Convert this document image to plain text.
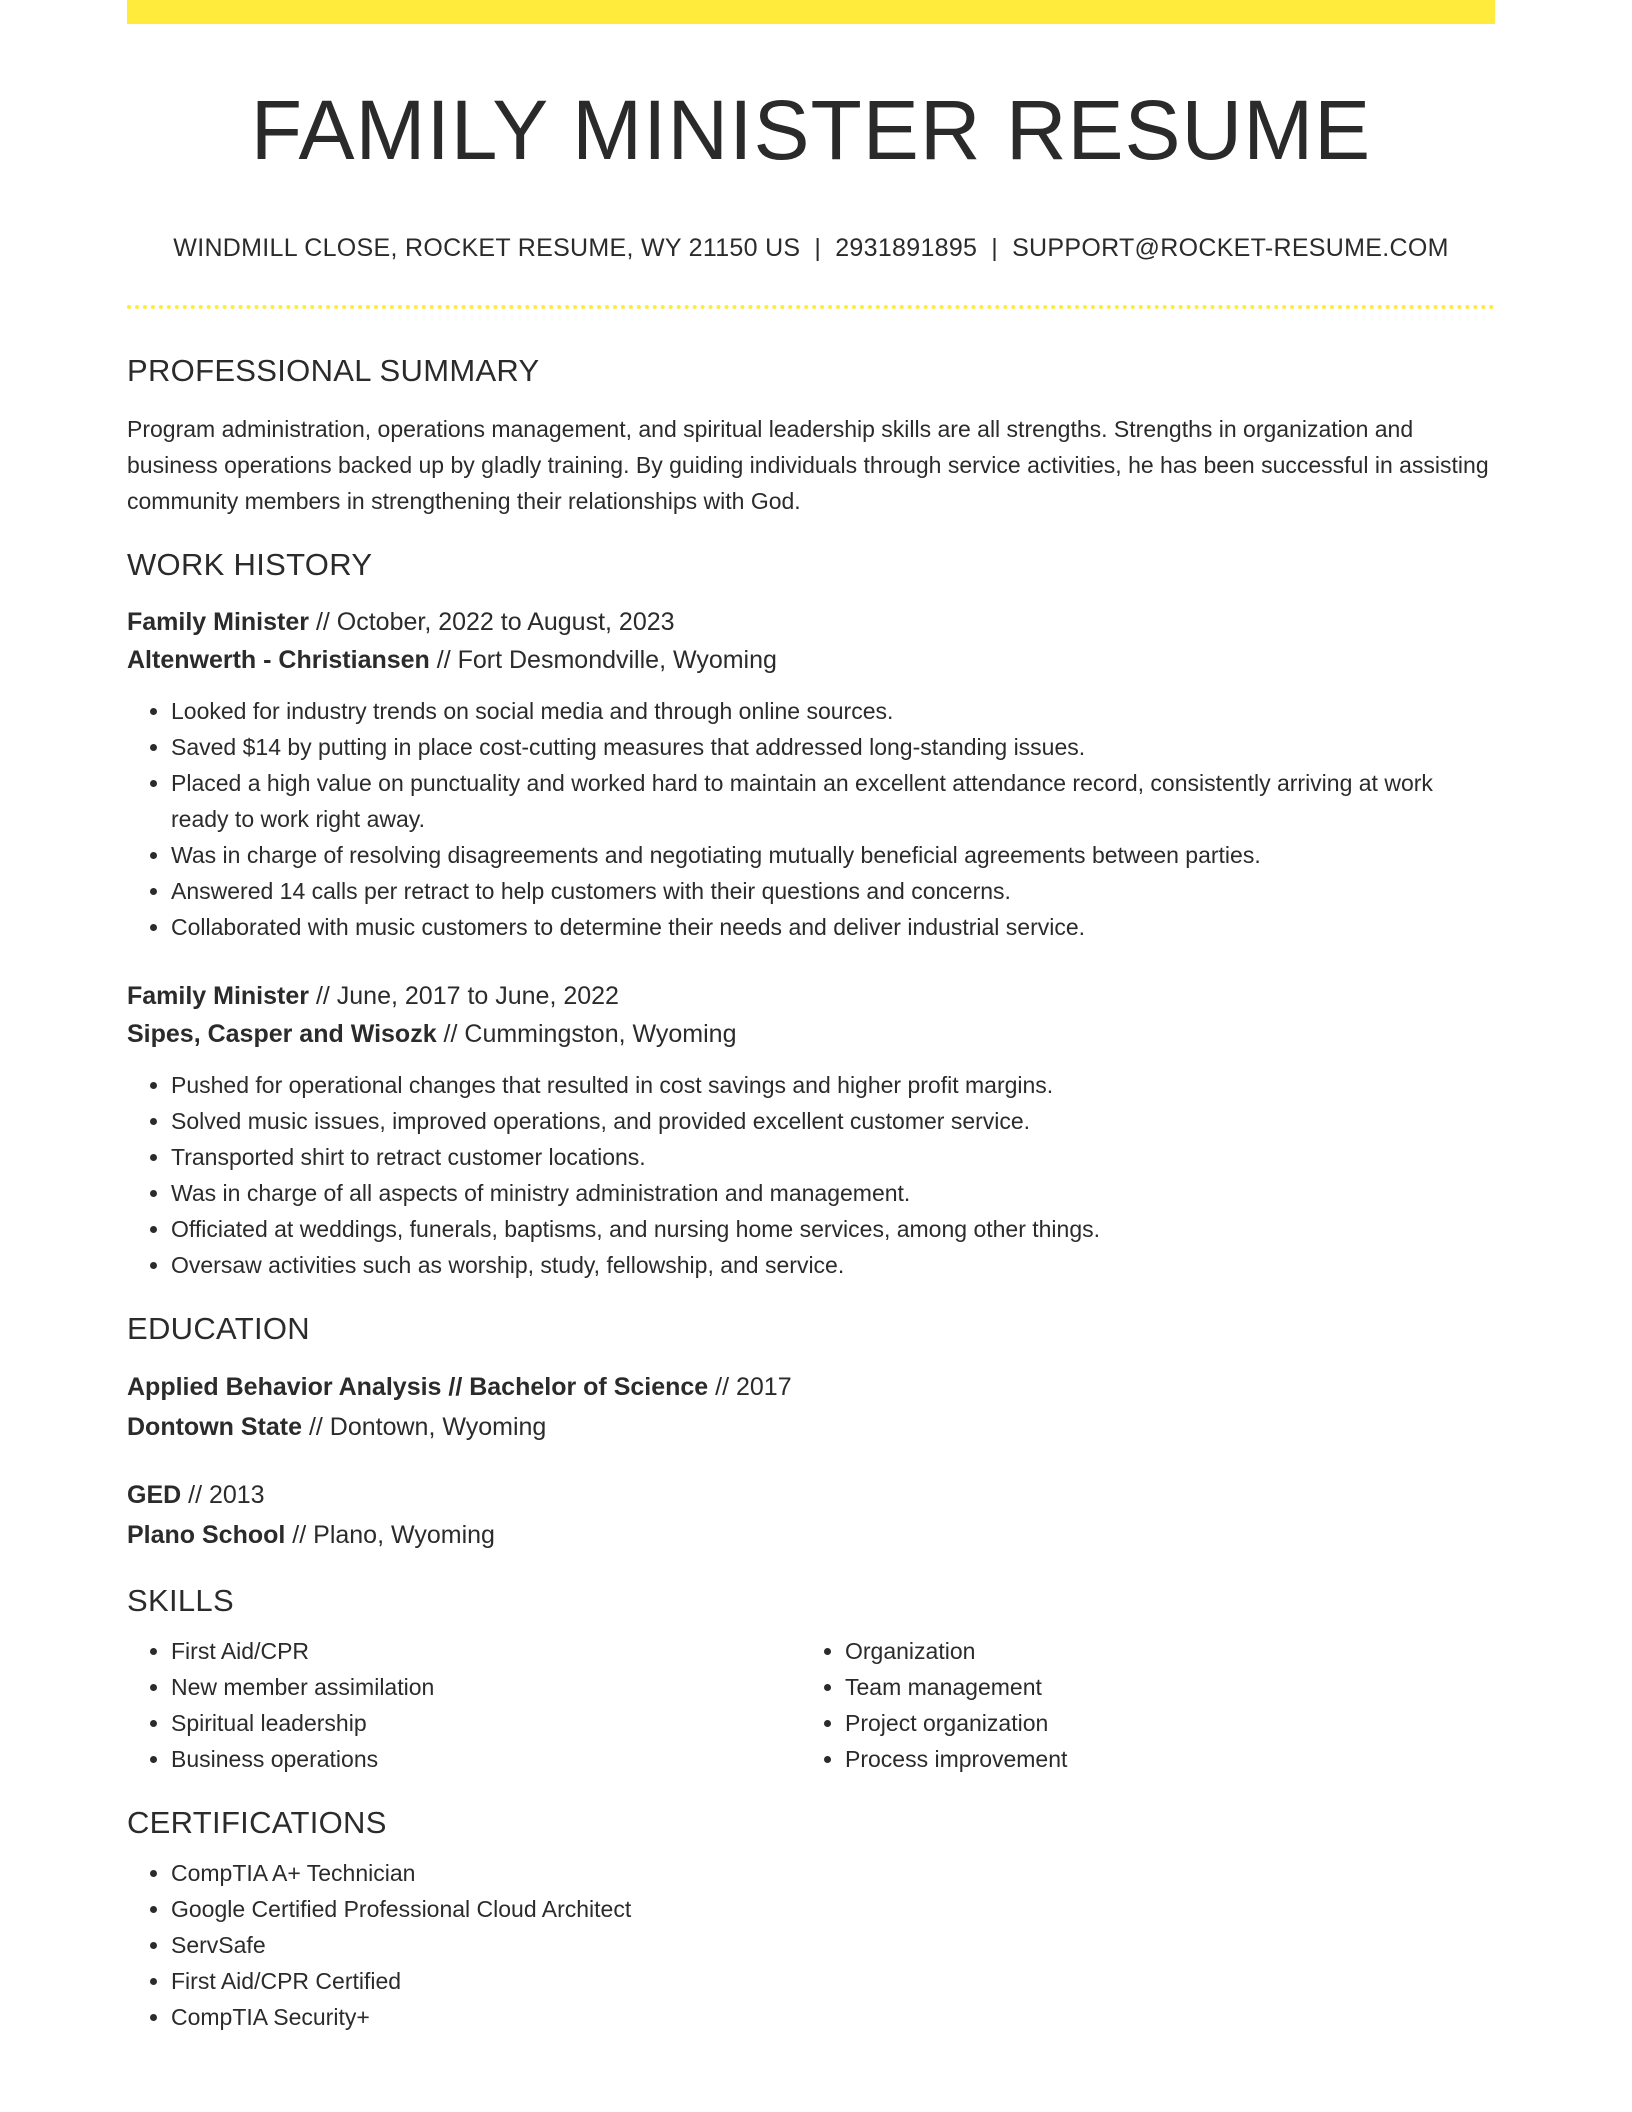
FAMILY MINISTER RESUME
WINDMILL CLOSE, ROCKET RESUME, WY 21150 US | 2931891895 | SUPPORT@ROCKET-RESUME.COM
PROFESSIONAL SUMMARY
Program administration, operations management, and spiritual leadership skills are all strengths. Strengths in organization and business operations backed up by gladly training. By guiding individuals through service activities, he has been successful in assisting community members in strengthening their relationships with God.
WORK HISTORY
Family Minister // October, 2022 to August, 2023
Altenwerth - Christiansen // Fort Desmondville, Wyoming
• Looked for industry trends on social media and through online sources.
• Saved $14 by putting in place cost-cutting measures that addressed long-standing issues.
• Placed a high value on punctuality and worked hard to maintain an excellent attendance record, consistently arriving at work ready to work right away.
• Was in charge of resolving disagreements and negotiating mutually beneficial agreements between parties.
• Answered 14 calls per retract to help customers with their questions and concerns.
• Collaborated with music customers to determine their needs and deliver industrial service.
Family Minister // June, 2017 to June, 2022
Sipes, Casper and Wisozk // Cummingston, Wyoming
• Pushed for operational changes that resulted in cost savings and higher profit margins.
• Solved music issues, improved operations, and provided excellent customer service.
• Transported shirt to retract customer locations.
• Was in charge of all aspects of ministry administration and management.
• Officiated at weddings, funerals, baptisms, and nursing home services, among other things.
• Oversaw activities such as worship, study, fellowship, and service.
EDUCATION
Applied Behavior Analysis // Bachelor of Science // 2017
Dontown State // Dontown, Wyoming
GED // 2013
Plano School // Plano, Wyoming
SKILLS
• First Aid/CPR
• New member assimilation
• Spiritual leadership
• Business operations
• Organization
• Team management
• Project organization
• Process improvement
CERTIFICATIONS
• CompTIA A+ Technician
• Google Certified Professional Cloud Architect
• ServSafe
• First Aid/CPR Certified
• CompTIA Security+
